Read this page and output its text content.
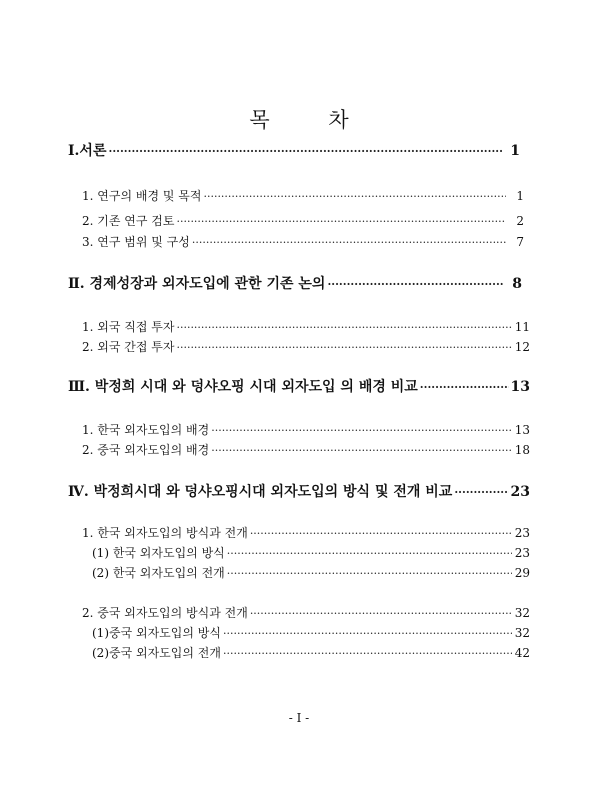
목 차
Ⅰ.서론 ·····	1
1. 연구의 배경 및 목적 ·····	1
2. 기존 연구 검토 ·····	2
3. 연구 범위 및 구성 ·····	7
Ⅱ. 경제성장과 외자도입에 관한 기존 논의 ·····	8
1. 외국 직접 투자 ·····	11
2. 외국 간접 투자 ·····	12
Ⅲ. 박정희 시대 와 덩샤오핑 시대 외자도입 의 배경 비교 ·····	13
1. 한국 외자도입의 배경 ·····	13
2. 중국 외자도입의 배경 ·····	18
Ⅳ. 박정희시대 와 덩샤오핑시대 외자도입의 방식 및 전개 비교 ·····	23
1. 한국 외자도입의 방식과 전개 ·····	23
(1) 한국 외자도입의 방식 ·····	23
(2) 한국 외자도입의 전개 ·····	29
2. 중국 외자도입의 방식과 전개 ·····	32
(1)중국 외자도입의 방식 ·····	32
(2)중국 외자도입의 전개 ·····	42
- I -
